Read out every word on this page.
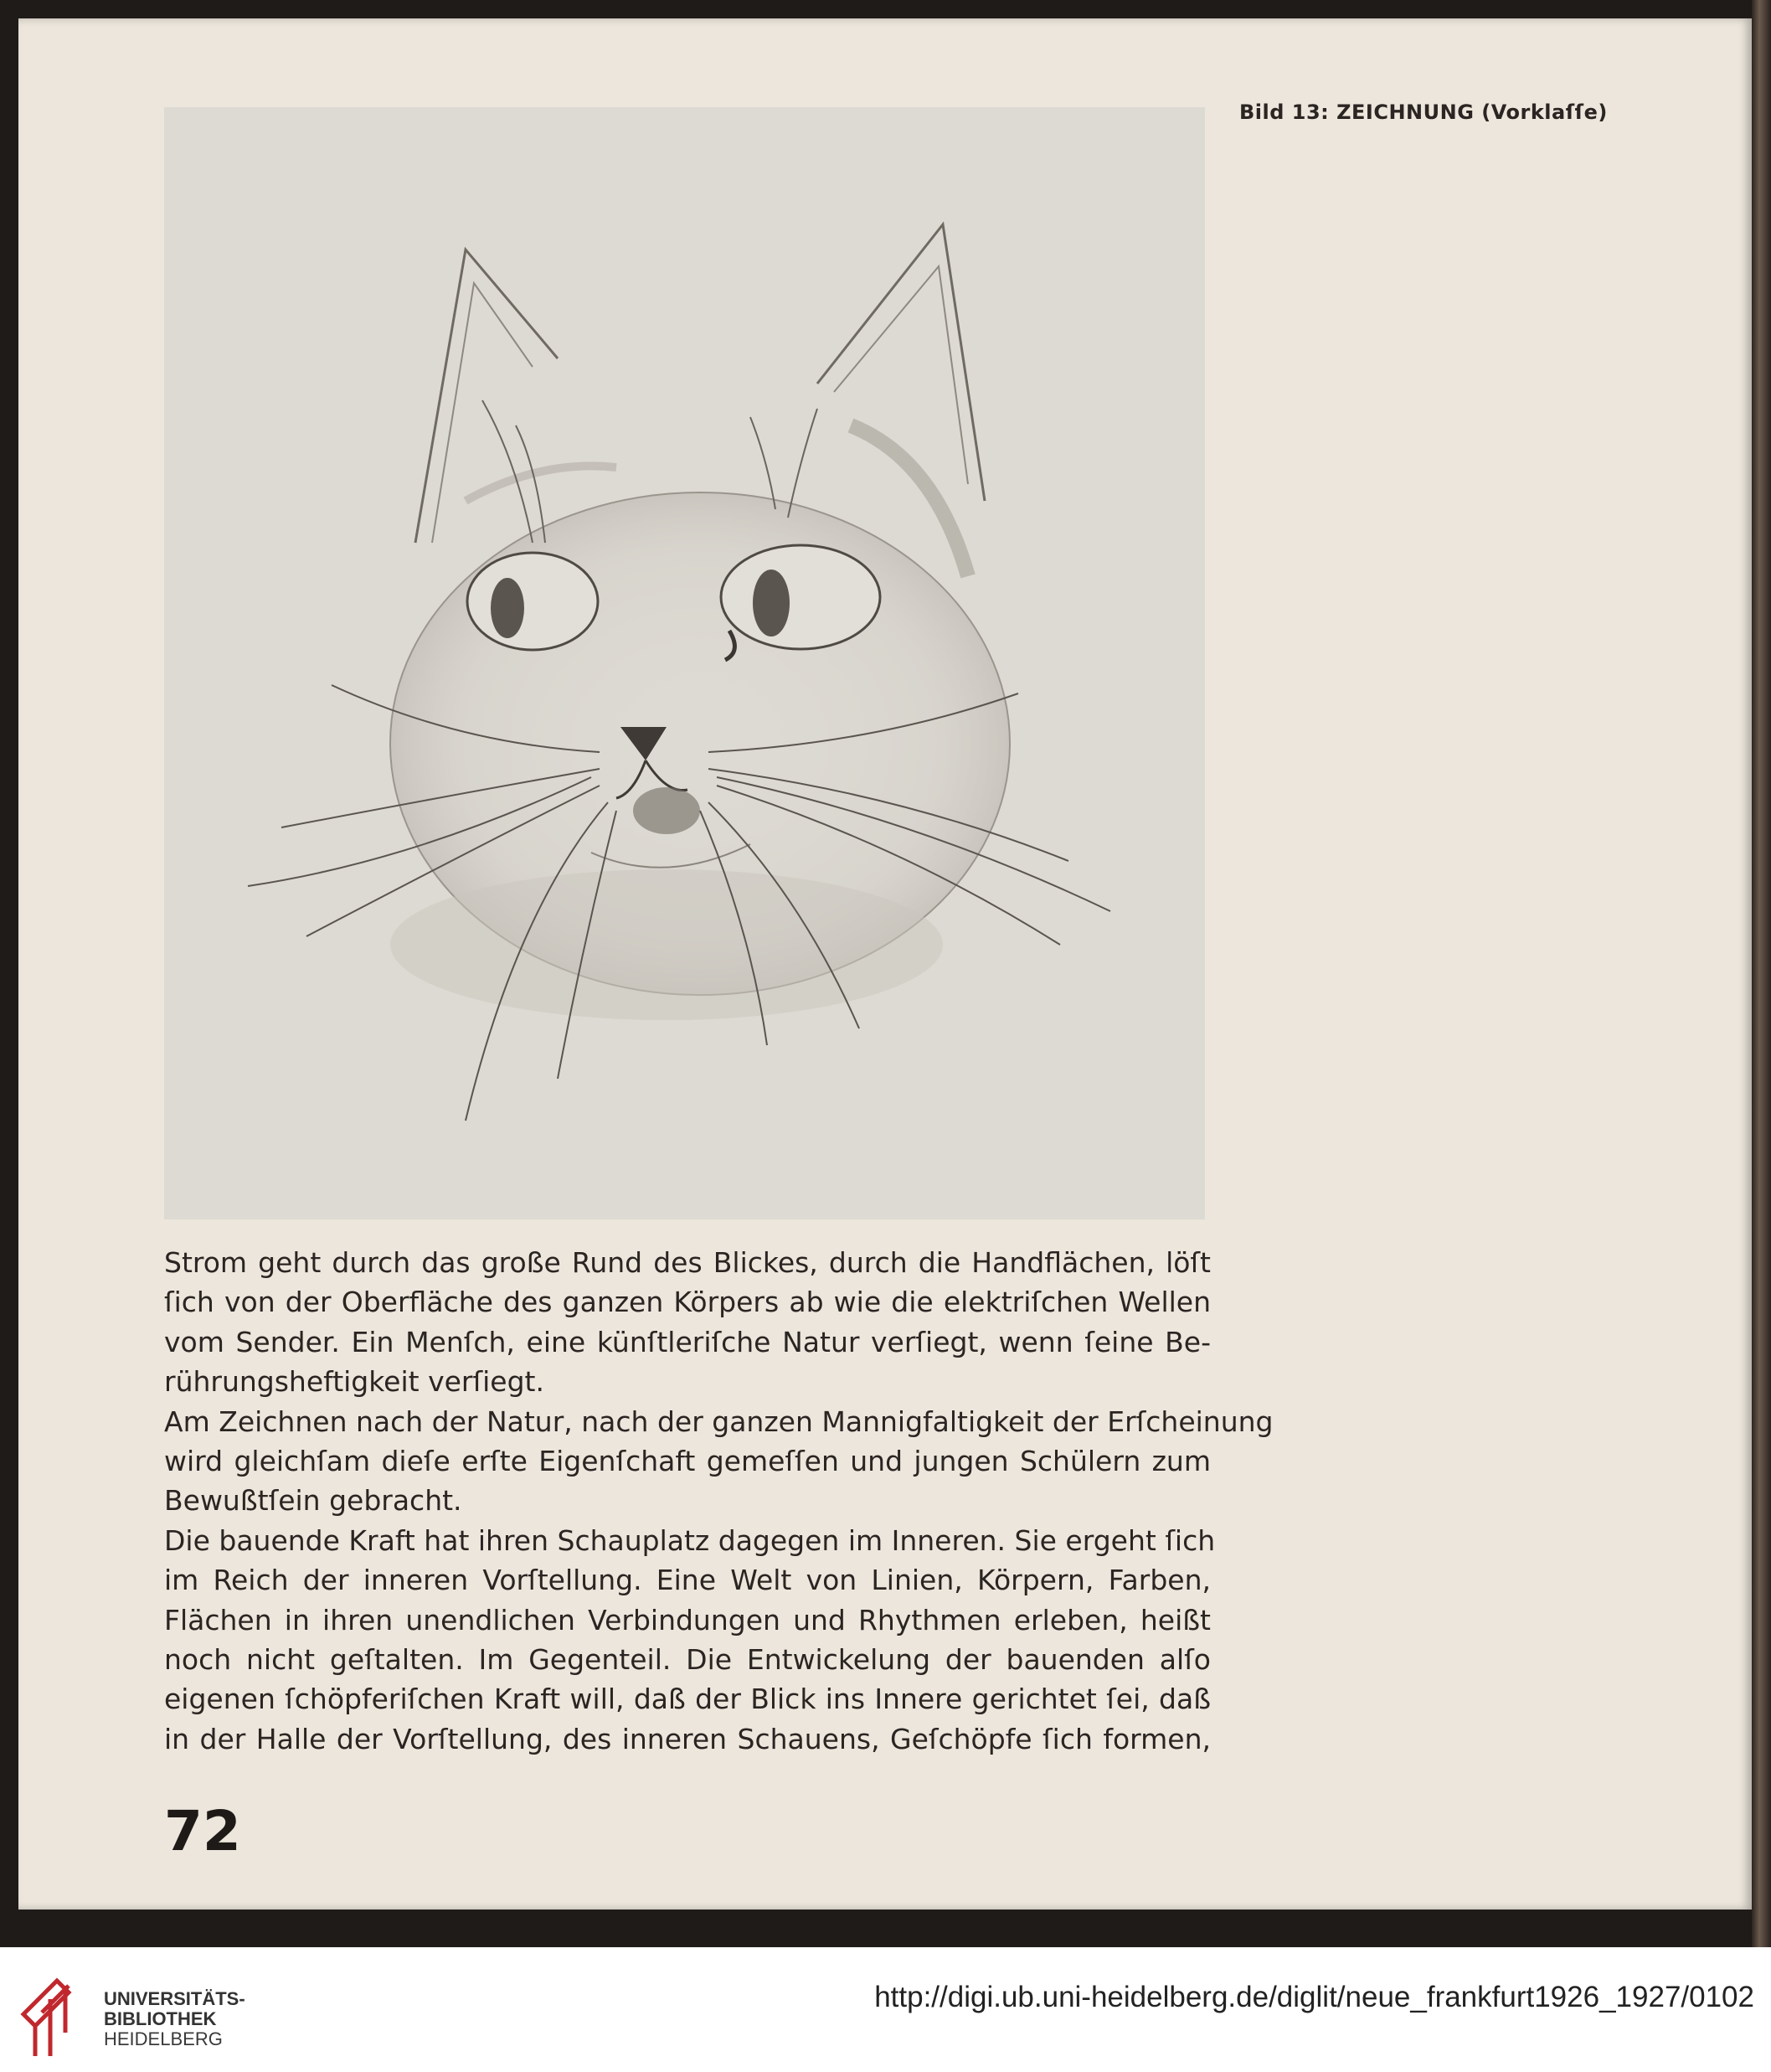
Bild 13: ZEICHNUNG (Vorklaſſe)
Strom geht durch das große Rund des Blickes, durch die Handflächen, löſt
ſich von der Oberfläche des ganzen Körpers ab wie die elektriſchen Wellen
vom Sender. Ein Menſch, eine künſtleriſche Natur verſiegt, wenn ſeine Be-
rührungsheftigkeit verſiegt.
Am Zeichnen nach der Natur, nach der ganzen Mannigfaltigkeit der Erſcheinung
wird gleichſam dieſe erſte Eigenſchaft gemeſſen und jungen Schülern zum
Bewußtſein gebracht.
Die bauende Kraft hat ihren Schauplatz dagegen im Inneren. Sie ergeht ſich
im Reich der inneren Vorſtellung. Eine Welt von Linien, Körpern, Farben,
Flächen in ihren unendlichen Verbindungen und Rhythmen erleben, heißt
noch nicht geſtalten. Im Gegenteil. Die Entwickelung der bauenden alſo
eigenen ſchöpferiſchen Kraft will, daß der Blick ins Innere gerichtet ſei, daß
in der Halle der Vorſtellung, des inneren Schauens, Geſchöpfe ſich formen,
72
UNIVERSITÄTS-
BIBLIOTHEK
HEIDELBERG
http://digi.ub.uni-heidelberg.de/diglit/neue_frankfurt1926_1927/0102
